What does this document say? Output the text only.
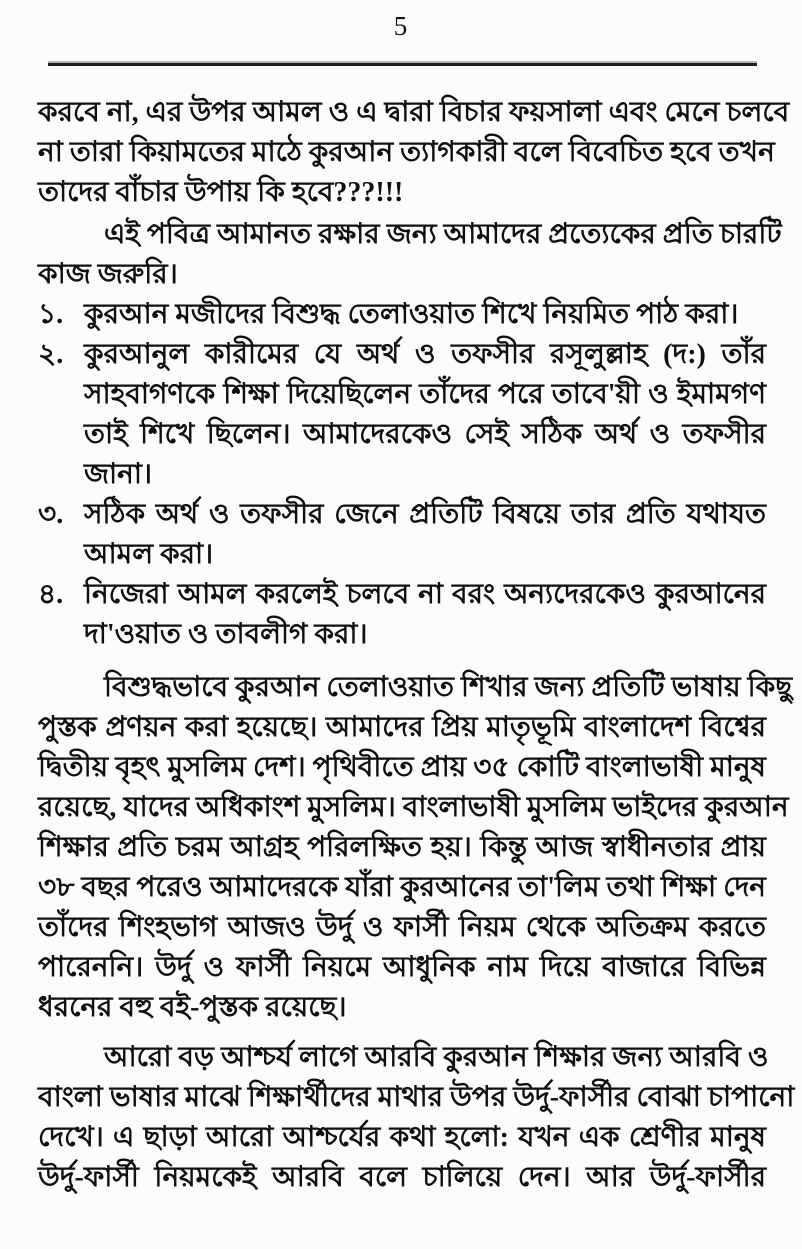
5
করবে না, এর উপর আমল ও এ দ্বারা বিচার ফয়সালা এবং মেনে চলবে
না তারা কিয়ামতের মাঠে কুরআন ত্যাগকারী বলে বিবেচিত হবে তখন
তাদের বাঁচার উপায় কি হবে???!!!
এই পবিত্র আমানত রক্ষার জন্য আমাদের প্রত্যেকের প্রতি চারটি
কাজ জরুরি।
১. কুরআন মজীদের বিশুদ্ধ তেলাওয়াত শিখে নিয়মিত পাঠ করা।
২. কুরআনুল কারীমের যে অর্থ ও তফসীর রসূলুল্লাহ (দ:) তাঁর
সাহবাগণকে শিক্ষা দিয়েছিলেন তাঁদের পরে তাবে'য়ী ও ইমামগণ
তাই শিখে ছিলেন। আমাদেরকেও সেই সঠিক অর্থ ও তফসীর
জানা।
৩. সঠিক অর্থ ও তফসীর জেনে প্রতিটি বিষয়ে তার প্রতি যথাযত
আমল করা।
৪. নিজেরা আমল করলেই চলবে না বরং অন্যদেরকেও কুরআনের
দা'ওয়াত ও তাবলীগ করা।
বিশুদ্ধভাবে কুরআন তেলাওয়াত শিখার জন্য প্রতিটি ভাষায় কিছু
পুস্তক প্রণয়ন করা হয়েছে। আমাদের প্রিয় মাতৃভূমি বাংলাদেশ বিশ্বের
দ্বিতীয় বৃহৎ মুসলিম দেশ। পৃথিবীতে প্রায় ৩৫ কোটি বাংলাভাষী মানুষ
রয়েছে, যাদের অধিকাংশ মুসলিম। বাংলাভাষী মুসলিম ভাইদের কুরআন
শিক্ষার প্রতি চরম আগ্রহ পরিলক্ষিত হয়। কিন্তু আজ স্বাধীনতার প্রায়
৩৮ বছর পরেও আমাদেরকে যাঁরা কুরআনের তা'লিম তথা শিক্ষা দেন
তাঁদের শিংহভাগ আজও উর্দু ও ফার্সী নিয়ম থেকে অতিক্রম করতে
পারেননি। উর্দু ও ফার্সী নিয়মে আধুনিক নাম দিয়ে বাজারে বিভিন্ন
ধরনের বহু বই-পুস্তক রয়েছে।
আরো বড় আশ্চর্য লাগে আরবি কুরআন শিক্ষার জন্য আরবি ও
বাংলা ভাষার মাঝে শিক্ষার্থীদের মাথার উপর উর্দু-ফার্সীর বোঝা চাপানো
দেখে। এ ছাড়া আরো আশ্চর্যের কথা হলো: যখন এক শ্রেণীর মানুষ
উর্দু-ফার্সী নিয়মকেই আরবি বলে চালিয়ে দেন। আর উর্দু-ফার্সীর
